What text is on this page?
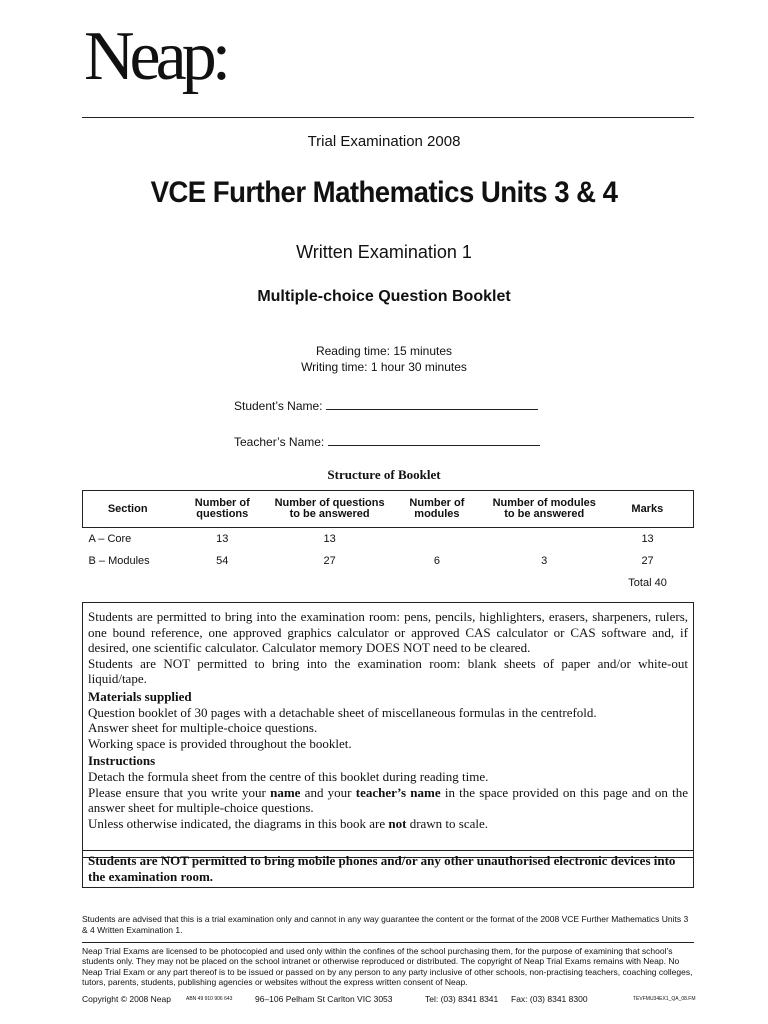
Neap:
Trial Examination 2008
VCE Further Mathematics Units 3 & 4
Written Examination 1
Multiple-choice Question Booklet
Reading time: 15 minutes
Writing time: 1 hour 30 minutes
Student’s Name:
Teacher’s Name:
Structure of Booklet
Section	Number of questions	Number of questions to be answered	Number of modules	Number of modules to be answered	Marks
A – Core	13	13			13
B – Modules	54	27	6	3	27
					Total 40

Students are permitted to bring into the examination room: pens, pencils, highlighters, erasers, sharpeners, rulers, one bound reference, one approved graphics calculator or approved CAS calculator or CAS software and, if desired, one scientific calculator. Calculator memory DOES NOT need to be cleared.

Students are NOT permitted to bring into the examination room: blank sheets of paper and/or white-out liquid/tape.

Materials supplied

Question booklet of 30 pages with a detachable sheet of miscellaneous formulas in the centrefold.

Answer sheet for multiple-choice questions.

Working space is provided throughout the booklet.

Instructions

Detach the formula sheet from the centre of this booklet during reading time.

Please ensure that you write your name and your teacher’s name in the space provided on this page and on the answer sheet for multiple-choice questions.

Unless otherwise indicated, the diagrams in this book are not drawn to scale.

Students are NOT permitted to bring mobile phones and/or any other unauthorised electronic devices into the examination room.
Students are advised that this is a trial examination only and cannot in any way guarantee the content or the format of the 2008 VCE Further Mathematics Units 3 & 4 Written Examination 1.
Neap Trial Exams are licensed to be photocopied and used only within the confines of the school purchasing them, for the purpose of examining that school’s students only. They may not be placed on the school intranet or otherwise reproduced or distributed. The copyright of Neap Trial Exams remains with Neap. No Neap Trial Exam or any part thereof is to be issued or passed on by any person to any party inclusive of other schools, non-practising teachers, coaching colleges, tutors, parents, students, publishing agencies or websites without the express written consent of Neap.
Copyright © 2008 Neap	ABN 49 910 906 643	96–106 Pelham St Carlton VIC 3053	Tel: (03) 8341 8341 Fax: (03) 8341 8300	TEVFMU34EX1_QA_08.FM
